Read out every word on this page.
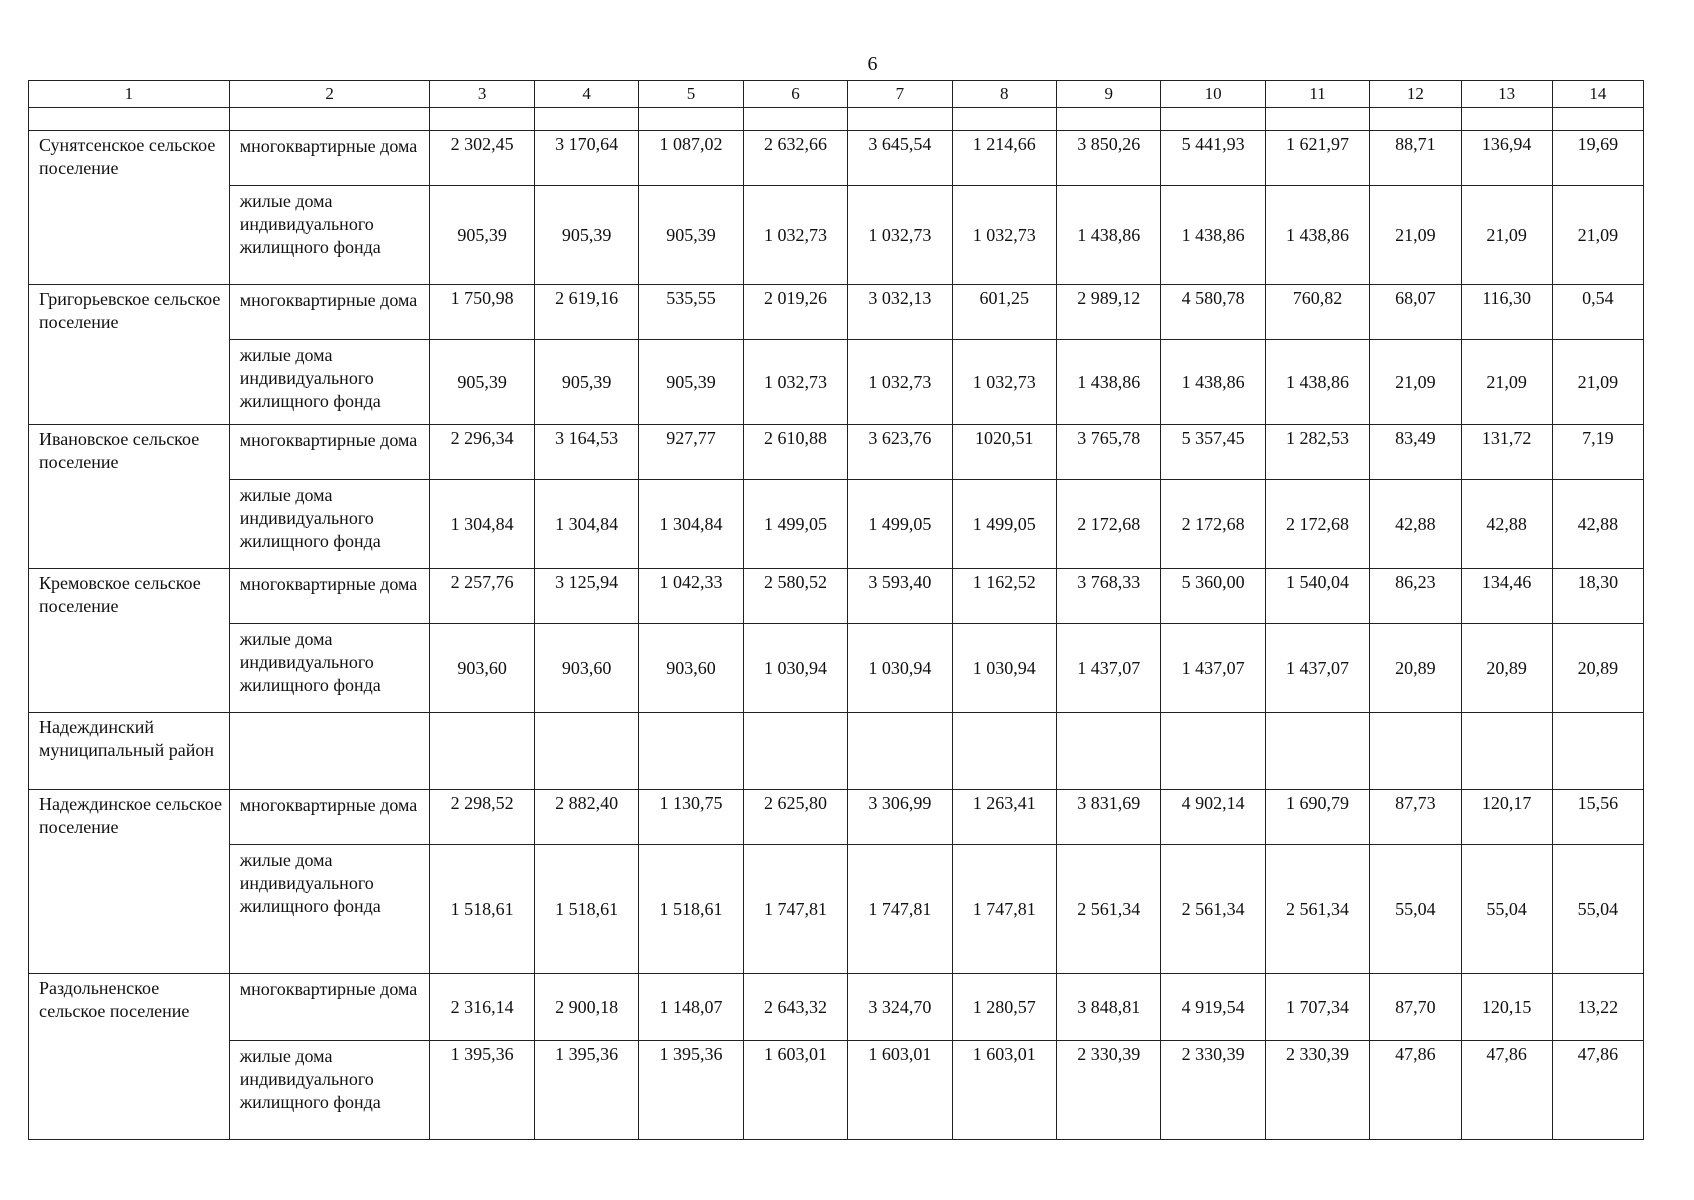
6
1	2	3	4	5	6	7	8	9	10	11	12	13	14

Сунятсенское сельское поселение	многоквартирные дома	2 302,45	3 170,64	1 087,02	2 632,66	3 645,54	1 214,66	3 850,26	5 441,93	1 621,97	88,71	136,94	19,69
	жилые дома индивидуального жилищного фонда	905,39	905,39	905,39	1 032,73	1 032,73	1 032,73	1 438,86	1 438,86	1 438,86	21,09	21,09	21,09
Григорьевское сельское поселение	многоквартирные дома	1 750,98	2 619,16	535,55	2 019,26	3 032,13	601,25	2 989,12	4 580,78	760,82	68,07	116,30	0,54
	жилые дома индивидуального жилищного фонда	905,39	905,39	905,39	1 032,73	1 032,73	1 032,73	1 438,86	1 438,86	1 438,86	21,09	21,09	21,09
Ивановское сельское поселение	многоквартирные дома	2 296,34	3 164,53	927,77	2 610,88	3 623,76	1020,51	3 765,78	5 357,45	1 282,53	83,49	131,72	7,19
	жилые дома индивидуального жилищного фонда	1 304,84	1 304,84	1 304,84	1 499,05	1 499,05	1 499,05	2 172,68	2 172,68	2 172,68	42,88	42,88	42,88
Кремовское сельское поселение	многоквартирные дома	2 257,76	3 125,94	1 042,33	2 580,52	3 593,40	1 162,52	3 768,33	5 360,00	1 540,04	86,23	134,46	18,30
	жилые дома индивидуального жилищного фонда	903,60	903,60	903,60	1 030,94	1 030,94	1 030,94	1 437,07	1 437,07	1 437,07	20,89	20,89	20,89
Надеждинский муниципальный район													
Надеждинское сельское поселение	многоквартирные дома	2 298,52	2 882,40	1 130,75	2 625,80	3 306,99	1 263,41	3 831,69	4 902,14	1 690,79	87,73	120,17	15,56
	жилые дома индивидуального жилищного фонда	1 518,61	1 518,61	1 518,61	1 747,81	1 747,81	1 747,81	2 561,34	2 561,34	2 561,34	55,04	55,04	55,04
Раздольненское сельское поселение	многоквартирные дома	2 316,14	2 900,18	1 148,07	2 643,32	3 324,70	1 280,57	3 848,81	4 919,54	1 707,34	87,70	120,15	13,22
	жилые дома индивидуального жилищного фонда	1 395,36	1 395,36	1 395,36	1 603,01	1 603,01	1 603,01	2 330,39	2 330,39	2 330,39	47,86	47,86	47,86
